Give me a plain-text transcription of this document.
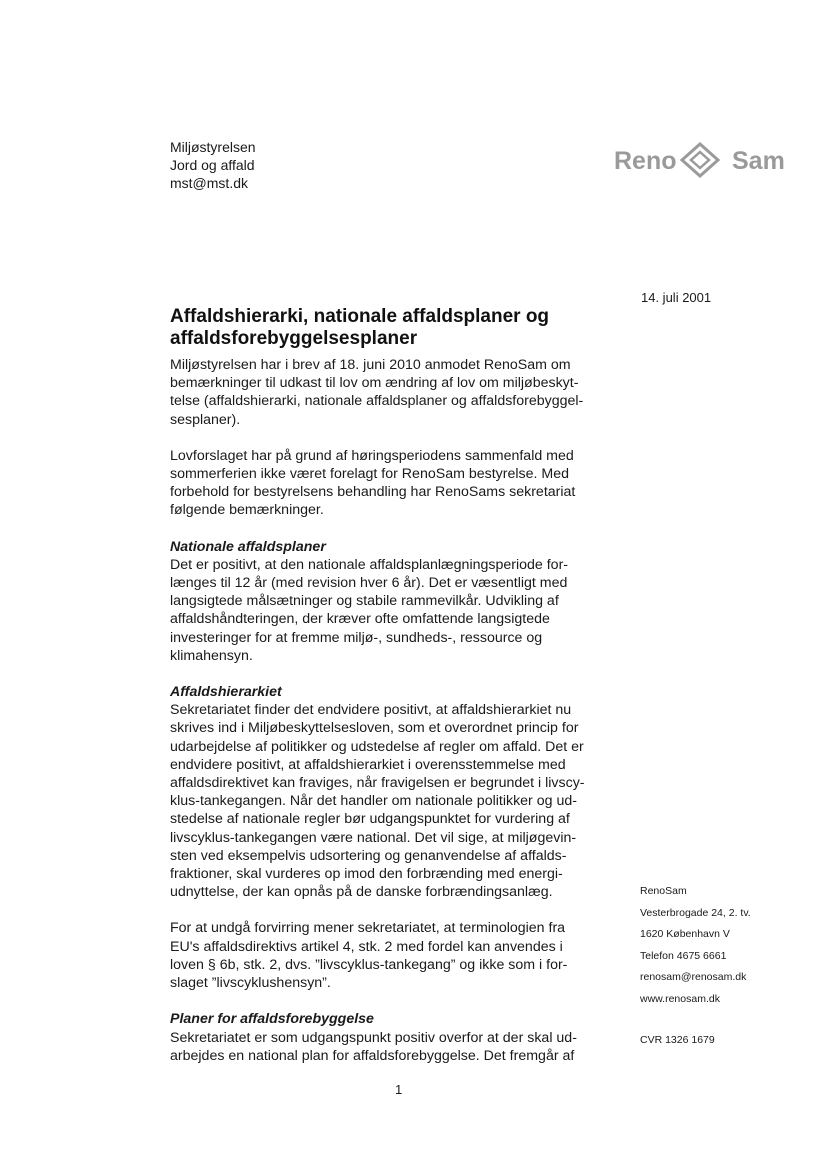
Miljøstyrelsen
Jord og affald
mst@mst.dk
Reno Sam
14. juli 2001
Affaldshierarki, nationale affaldsplaner og affaldsforebyggelsesplaner

Miljøstyrelsen har i brev af 18. juni 2010 anmodet RenoSam om bemærkninger til udkast til lov om ændring af lov om miljøbeskyt-telse (affaldshierarki, nationale affaldsplaner og affaldsforebyggel-sesplaner).

Lovforslaget har på grund af høringsperiodens sammenfald med sommerferien ikke været forelagt for RenoSam bestyrelse. Med forbehold for bestyrelsens behandling har RenoSams sekretariat følgende bemærkninger.

Nationale affaldsplaner

Det er positivt, at den nationale affaldsplanlægningsperiode for-længes til 12 år (med revision hver 6 år). Det er væsentligt med langsigtede målsætninger og stabile rammevilkår. Udvikling af affaldshåndteringen, der kræver ofte omfattende langsigtede investeringer for at fremme miljø-, sundheds-, ressource og klimahensyn.

Affaldshierarkiet

Sekretariatet finder det endvidere positivt, at affaldshierarkiet nu skrives ind i Miljøbeskyttelsesloven, som et overordnet princip for udarbejdelse af politikker og udstedelse af regler om affald. Det er endvidere positivt, at affaldshierarkiet i overensstemmelse med affaldsdirektivet kan fraviges, når fravigelsen er begrundet i livscy-klus-tankegangen. Når det handler om nationale politikker og ud-stedelse af nationale regler bør udgangspunktet for vurdering af livscyklus-tankegangen være national. Det vil sige, at miljøgevin-sten ved eksempelvis udsortering og genanvendelse af affalds-fraktioner, skal vurderes op imod den forbrænding med energi-udnyttelse, der kan opnås på de danske forbrændingsanlæg.

For at undgå forvirring mener sekretariatet, at terminologien fra EU's affaldsdirektivs artikel 4, stk. 2 med fordel kan anvendes i loven § 6b, stk. 2, dvs. ”livscyklus-tankegang” og ikke som i for-slaget ”livscyklushensyn”.

Planer for affaldsforebyggelse

Sekretariatet er som udgangspunkt positiv overfor at der skal ud-arbejdes en national plan for affaldsforebyggelse. Det fremgår af

RenoSam
Vesterbrogade 24, 2. tv.
1620 København V
Telefon 4675 6661
renosam@renosam.dk
www.renosam.dk
CVR 1326 1679
1
